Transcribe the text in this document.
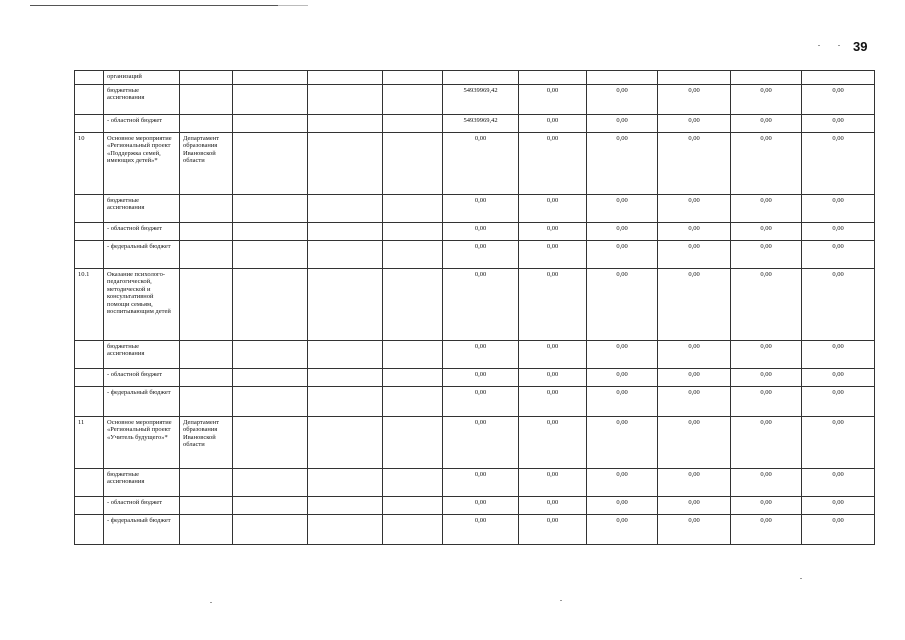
39
	организаций										
	бюджетные ассигнования					54939969,42	0,00	0,00	0,00	0,00	0,00
	- областной бюджет					54939969,42	0,00	0,00	0,00	0,00	0,00
10	Основное мероприятие «Региональный проект «Поддержка семей, имеющих детей»*	Департамент образования Ивановской области				0,00	0,00	0,00	0,00	0,00	0,00
	бюджетные ассигнования					0,00	0,00	0,00	0,00	0,00	0,00
	- областной бюджет					0,00	0,00	0,00	0,00	0,00	0,00
	- федеральный бюджет					0,00	0,00	0,00	0,00	0,00	0,00
10.1	Оказание психолого-педагогической, методической и консультативной помощи семьям, воспитывающим детей					0,00	0,00	0,00	0,00	0,00	0,00
	бюджетные ассигнования					0,00	0,00	0,00	0,00	0,00	0,00
	- областной бюджет					0,00	0,00	0,00	0,00	0,00	0,00
	- федеральный бюджет					0,00	0,00	0,00	0,00	0,00	0,00
11	Основное мероприятие «Региональный проект «Учитель будущего»*	Департамент образования Ивановской области				0,00	0,00	0,00	0,00	0,00	0,00
	бюджетные ассигнования					0,00	0,00	0,00	0,00	0,00	0,00
	- областной бюджет					0,00	0,00	0,00	0,00	0,00	0,00
	- федеральный бюджет					0,00	0,00	0,00	0,00	0,00	0,00
